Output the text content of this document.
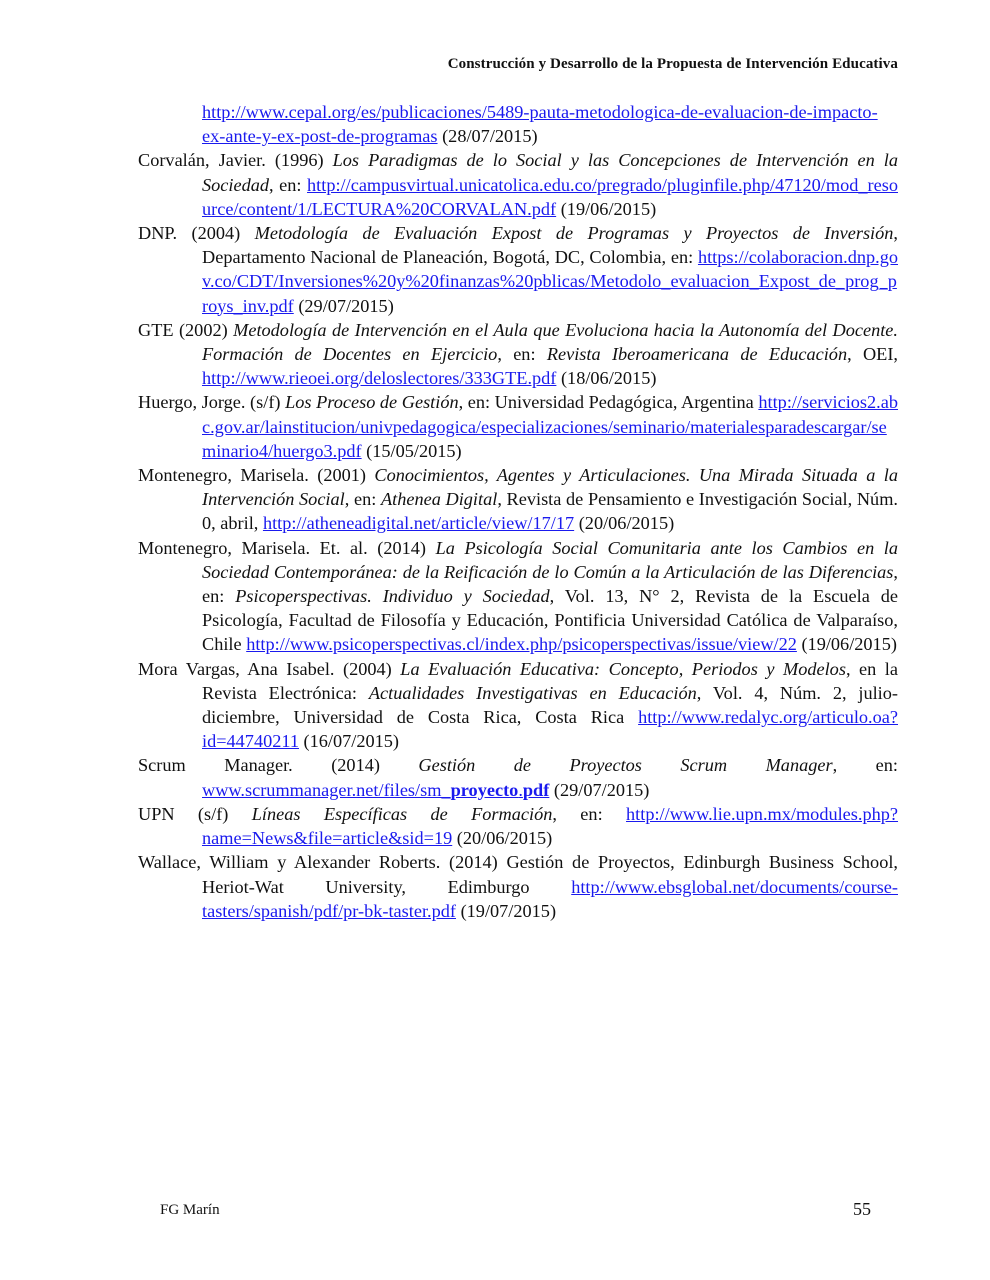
Construcción y Desarrollo de la Propuesta de Intervención Educativa

http://www.cepal.org/es/publicaciones/5489-pauta-metodologica-de-evaluacion-de-impacto-ex-ante-y-ex-post-de-programas (28/07/2015)

Corvalán, Javier. (1996) Los Paradigmas de lo Social y las Concepciones de Intervención en la Sociedad, en: http://campusvirtual.unicatolica.edu.co/pregrado/pluginfile.php/47120/mod_resource/content/1/LECTURA%20CORVALAN.pdf (19/06/2015)

DNP. (2004) Metodología de Evaluación Expost de Programas y Proyectos de Inversión, Departamento Nacional de Planeación, Bogotá, DC, Colombia, en: https://colaboracion.dnp.gov.co/CDT/Inversiones%20y%20finanzas%20pblicas/Metodolo_evaluacion_Expost_de_prog_proys_inv.pdf (29/07/2015)

GTE (2002) Metodología de Intervención en el Aula que Evoluciona hacia la Autonomía del Docente. Formación de Docentes en Ejercicio, en: Revista Iberoamericana de Educación, OEI, http://www.rieoei.org/deloslectores/333GTE.pdf (18/06/2015)

Huergo, Jorge. (s/f) Los Proceso de Gestión, en: Universidad Pedagógica, Argentina http://servicios2.abc.gov.ar/lainstitucion/univpedagogica/especializaciones/seminario/materialesparadescargar/seminario4/huergo3.pdf (15/05/2015)

Montenegro, Marisela. (2001) Conocimientos, Agentes y Articulaciones. Una Mirada Situada a la Intervención Social, en: Athenea Digital, Revista de Pensamiento e Investigación Social, Núm. 0, abril, http://atheneadigital.net/article/view/17/17 (20/06/2015)

Montenegro, Marisela. Et. al. (2014) La Psicología Social Comunitaria ante los Cambios en la Sociedad Contemporánea: de la Reificación de lo Común a la Articulación de las Diferencias, en: Psicoperspectivas. Individuo y Sociedad, Vol. 13, N° 2, Revista de la Escuela de Psicología, Facultad de Filosofía y Educación, Pontificia Universidad Católica de Valparaíso, Chile http://www.psicoperspectivas.cl/index.php/psicoperspectivas/issue/view/22 (19/06/2015)

Mora Vargas, Ana Isabel. (2004) La Evaluación Educativa: Concepto, Periodos y Modelos, en la Revista Electrónica: Actualidades Investigativas en Educación, Vol. 4, Núm. 2, julio-diciembre, Universidad de Costa Rica, Costa Rica http://www.redalyc.org/articulo.oa?id=44740211 (16/07/2015)

Scrum Manager. (2014) Gestión de Proyectos Scrum Manager, en: www.scrummanager.net/files/sm_proyecto.pdf (29/07/2015)

UPN (s/f) Líneas Específicas de Formación, en: http://www.lie.upn.mx/modules.php?name=News&file=article&sid=19 (20/06/2015)

Wallace, William y Alexander Roberts. (2014) Gestión de Proyectos, Edinburgh Business School, Heriot-Wat University, Edimburgo http://www.ebsglobal.net/documents/course-tasters/spanish/pdf/pr-bk-taster.pdf (19/07/2015)

FG Marín	55
